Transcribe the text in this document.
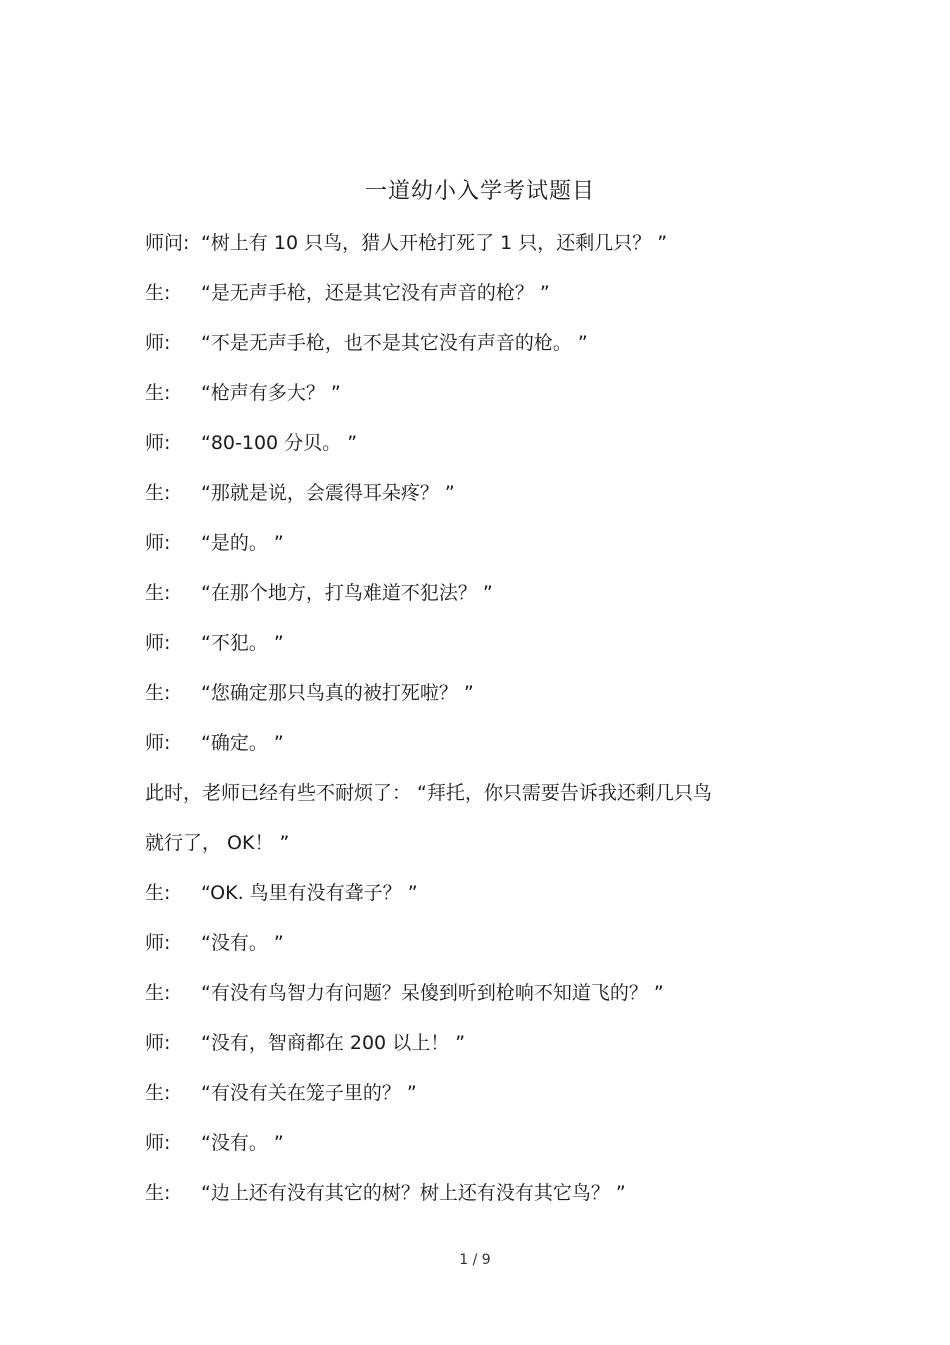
一道幼小入学考试题目
师问: “树上有 10 只鸟，猎人开枪打死了 1 只，还剩几只？ ”
生:	“是无声手枪，还是其它没有声音的枪？ ”
师:	“不是无声手枪，也不是其它没有声音的枪。 ”
生:	“枪声有多大？ ”
师:	“80-100 分贝。 ”
生:	“那就是说，会震得耳朵疼？ ”
师:	“是的。 ”
生:	“在那个地方，打鸟难道不犯法？ ”
师:	“不犯。 ”
生:	“您确定那只鸟真的被打死啦？ ”
师:	“确定。 ”
此时，老师已经有些不耐烦了： “拜托，你只需要告诉我还剩几只鸟
就行了， OK！ ”
生:	“OK. 鸟里有没有聋子？ ”
师:	“没有。 ”
生:	“有没有鸟智力有问题？呆傻到听到枪响不知道飞的？ ”
师:	“没有，智商都在 200 以上！ ”
生:	“有没有关在笼子里的？ ”
师:	“没有。 ”
生:	“边上还有没有其它的树？树上还有没有其它鸟？ ”
1 / 9
